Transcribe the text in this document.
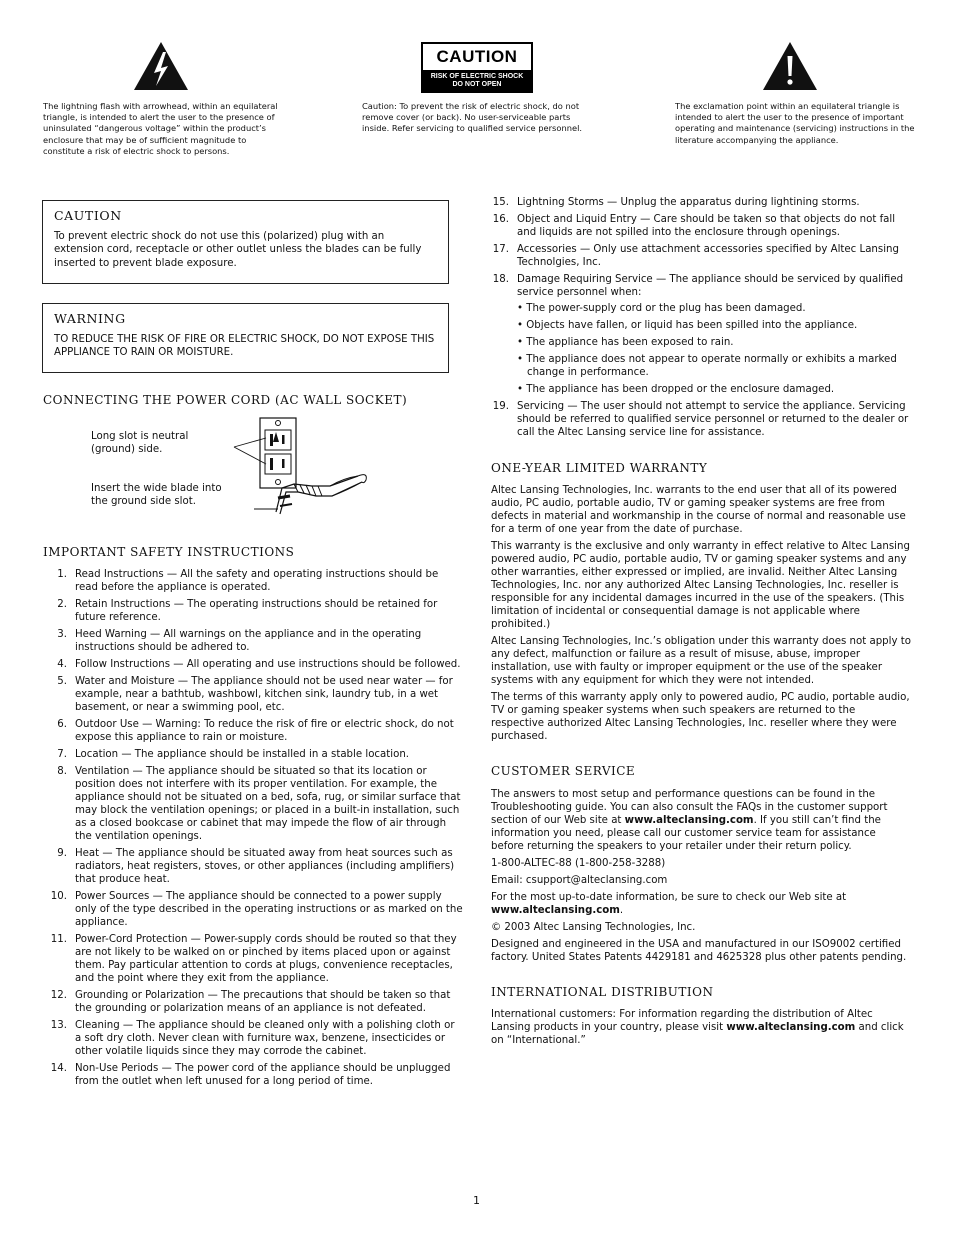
CAUTION
RISK OF ELECTRIC SHOCK
DO NOT OPEN
The lightning flash with arrowhead, within an equilateral triangle, is intended to alert the user to the presence of uninsulated “dangerous voltage” within the product’s enclosure that may be of sufficient magnitude to constitute a risk of electric shock to persons.
Caution: To prevent the risk of electric shock, do not remove cover (or back). No user-serviceable parts inside. Refer servicing to qualified service personnel.
The exclamation point within an equilateral triangle is intended to alert the user to the presence of important operating and maintenance (servicing) instructions in the literature accompanying the appliance.
CAUTION

To prevent electric shock do not use this (polarized) plug with an extension cord, receptacle or other outlet unless the blades can be fully inserted to prevent blade exposure.

WARNING

TO REDUCE THE RISK OF FIRE OR ELECTRIC SHOCK, DO NOT EXPOSE THIS APPLIANCE TO RAIN OR MOISTURE.

CONNECTING THE POWER CORD (AC WALL SOCKET)
Long slot is neutral (ground) side.
Insert the wide blade into the ground side slot.
IMPORTANT SAFETY INSTRUCTIONS
1. Read Instructions — All the safety and operating instructions should be read before the appliance is operated.
2. Retain Instructions — The operating instructions should be retained for future reference.
3. Heed Warning — All warnings on the appliance and in the operating instructions should be adhered to.
4. Follow Instructions — All operating and use instructions should be followed.
5. Water and Moisture — The appliance should not be used near water — for example, near a bathtub, washbowl, kitchen sink, laundry tub, in a wet basement, or near a swimming pool, etc.
6. Outdoor Use — Warning: To reduce the risk of fire or electric shock, do not expose this appliance to rain or moisture.
7. Location — The appliance should be installed in a stable location.
8. Ventilation — The appliance should be situated so that its location or position does not interfere with its proper ventilation. For example, the appliance should not be situated on a bed, sofa, rug, or similar surface that may block the ventilation openings; or placed in a built-in installation, such as a closed bookcase or cabinet that may impede the flow of air through the ventilation openings.
9. Heat — The appliance should be situated away from heat sources such as radiators, heat registers, stoves, or other appliances (including amplifiers) that produce heat.
10. Power Sources — The appliance should be connected to a power supply only of the type described in the operating instructions or as marked on the appliance.
11. Power-Cord Protection — Power-supply cords should be routed so that they are not likely to be walked on or pinched by items placed upon or against them. Pay particular attention to cords at plugs, convenience receptacles, and the point where they exit from the appliance.
12. Grounding or Polarization — The precautions that should be taken so that the grounding or polarization means of an appliance is not defeated.
13. Cleaning — The appliance should be cleaned only with a polishing cloth or a soft dry cloth. Never clean with furniture wax, benzene, insecticides or other volatile liquids since they may corrode the cabinet.
14. Non-Use Periods — The power cord of the appliance should be unplugged from the outlet when left unused for a long period of time.
15. Lightning Storms — Unplug the apparatus during lightining storms.
16. Object and Liquid Entry — Care should be taken so that objects do not fall and liquids are not spilled into the enclosure through openings.
17. Accessories — Only use attachment accessories specified by Altec Lansing Technolgies, Inc.
18. Damage Requiring Service — The appliance should be serviced by qualified service personnel when:
• The power-supply cord or the plug has been damaged.
• Objects have fallen, or liquid has been spilled into the appliance.
• The appliance has been exposed to rain.
• The appliance does not appear to operate normally or exhibits a marked change in performance.
• The appliance has been dropped or the enclosure damaged.
19. Servicing — The user should not attempt to service the appliance. Servicing should be referred to qualified service personnel or returned to the dealer or call the Altec Lansing service line for assistance.
ONE-YEAR LIMITED WARRANTY

Altec Lansing Technologies, Inc. warrants to the end user that all of its powered audio, PC audio, portable audio, TV or gaming speaker systems are free from defects in material and workmanship in the course of normal and reasonable use for a term of one year from the date of purchase.

This warranty is the exclusive and only warranty in effect relative to Altec Lansing powered audio, PC audio, portable audio, TV or gaming speaker systems and any other warranties, either expressed or implied, are invalid. Neither Altec Lansing Technologies, Inc. nor any authorized Altec Lansing Technologies, Inc. reseller is responsible for any incidental damages incurred in the use of the speakers. (This limitation of incidental or consequential damage is not applicable where prohibited.)

Altec Lansing Technologies, Inc.’s obligation under this warranty does not apply to any defect, malfunction or failure as a result of misuse, abuse, improper installation, use with faulty or improper equipment or the use of the speaker systems with any equipment for which they were not intended.

The terms of this warranty apply only to powered audio, PC audio, portable audio, TV or gaming speaker systems when such speakers are returned to the respective authorized Altec Lansing Technologies, Inc. reseller where they were purchased.

CUSTOMER SERVICE

The answers to most setup and performance questions can be found in the Troubleshooting guide. You can also consult the FAQs in the customer support section of our Web site at www.alteclansing.com. If you still can’t find the information you need, please call our customer service team for assistance before returning the speakers to your retailer under their return policy.

1-800-ALTEC-88 (1-800-258-3288)

Email: csupport@alteclansing.com

For the most up-to-date information, be sure to check our Web site at www.alteclansing.com.

© 2003 Altec Lansing Technologies, Inc.

Designed and engineered in the USA and manufactured in our ISO9002 certified factory. United States Patents 4429181 and 4625328 plus other patents pending.

INTERNATIONAL DISTRIBUTION

International customers: For information regarding the distribution of Altec Lansing products in your country, please visit www.alteclansing.com and click on “International.”

1
